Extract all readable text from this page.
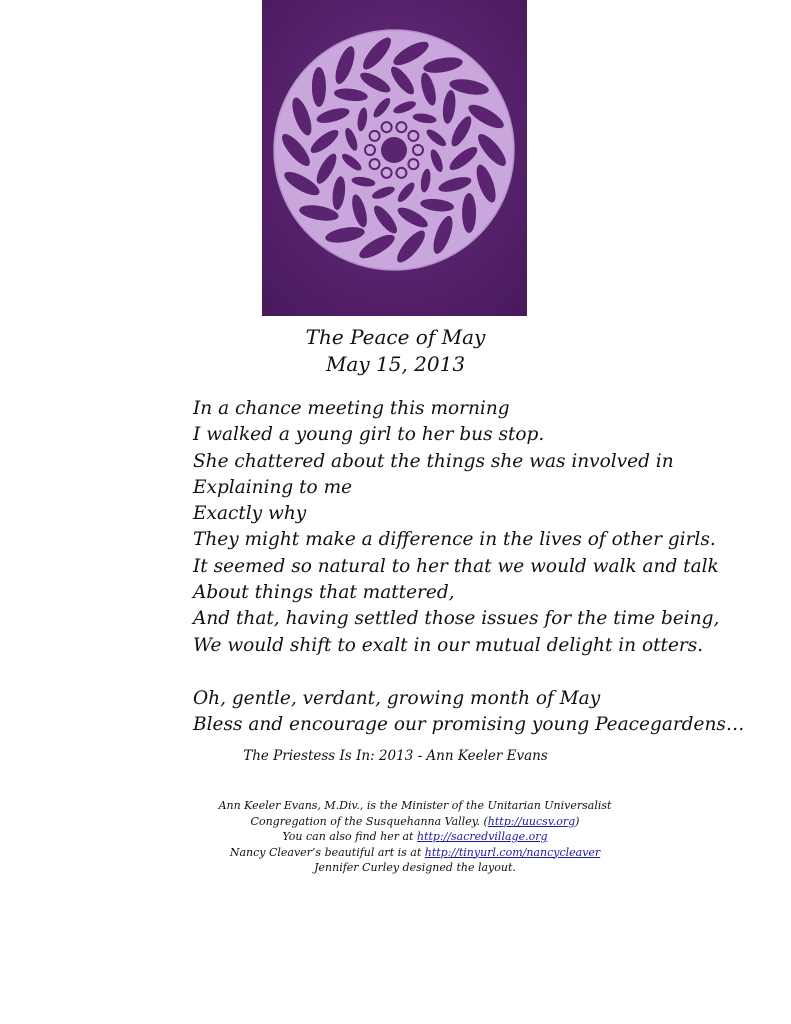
The Peace of May
May 15, 2013
In a chance meeting this morning
I walked a young girl to her bus stop.
She chattered about the things she was involved in
Explaining to me
Exactly why
They might make a difference in the lives of other girls.
It seemed so natural to her that we would walk and talk
About things that mattered,
And that, having settled those issues for the time being,
We would shift to exalt in our mutual delight in otters.
Oh, gentle, verdant, growing month of May
Bless and encourage our promising young Peacegardens…
The Priestess Is In: 2013 - Ann Keeler Evans
Ann Keeler Evans, M.Div., is the Minister of the Unitarian Universalist
Congregation of the Susquehanna Valley. (http://uucsv.org)
You can also find her at http://sacredvillage.org
Nancy Cleaver’s beautiful art is at http://tinyurl.com/nancycleaver
Jennifer Curley designed the layout.
